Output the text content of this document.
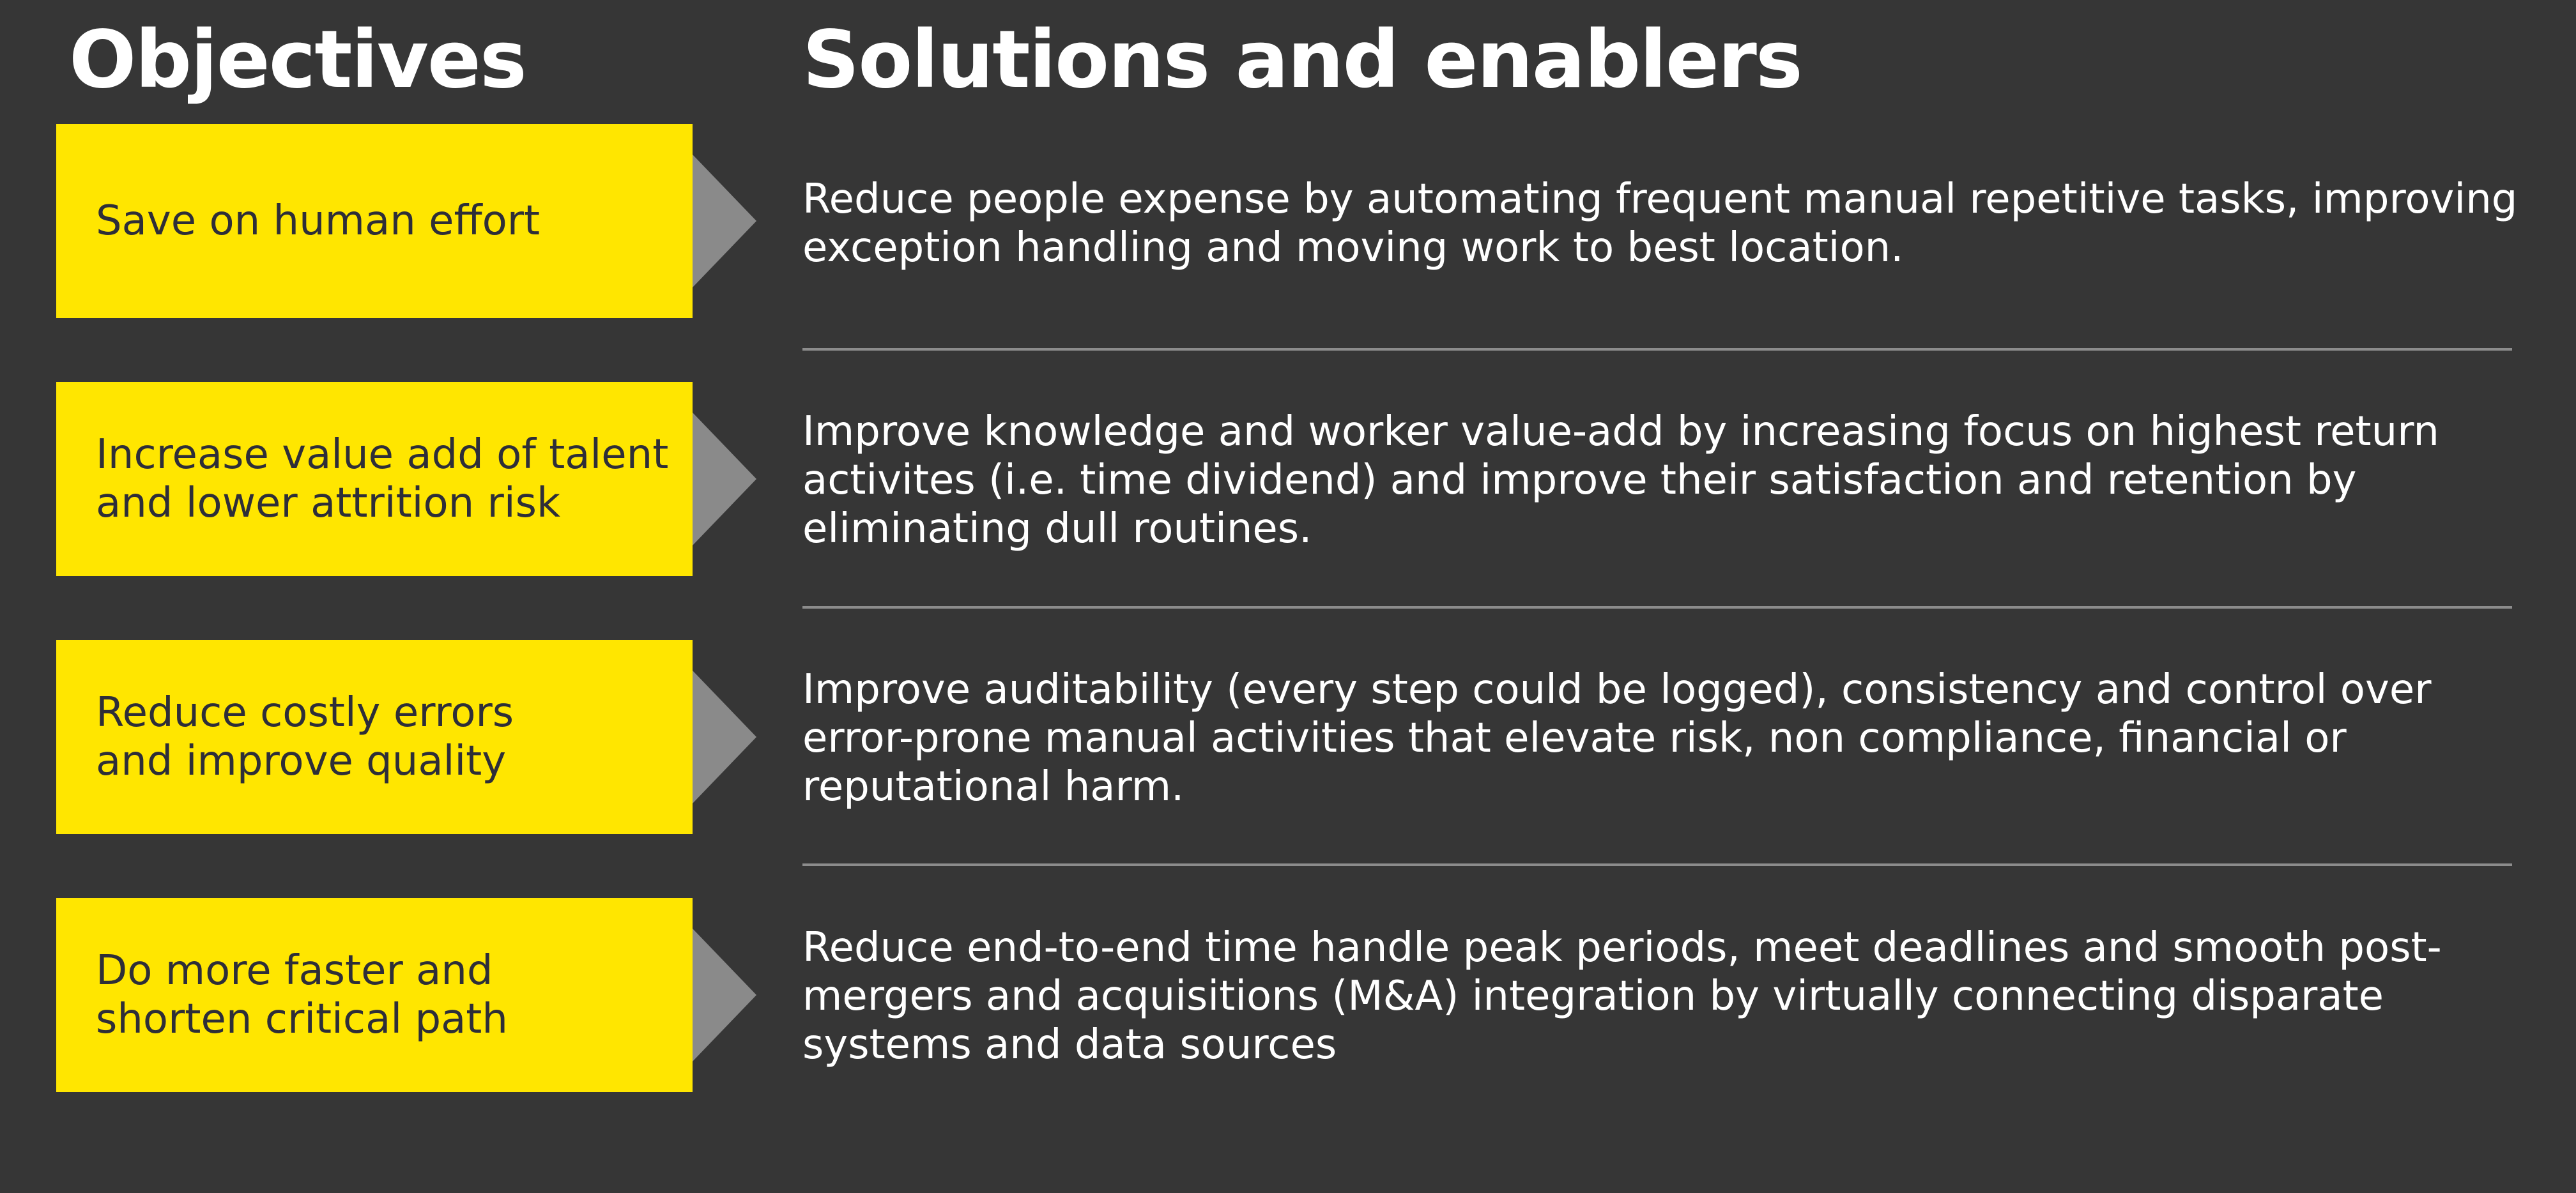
Objectives	Solutions and enablers
Save on human effort	Reduce people expense by automating frequent manual repetitive tasks, improving exception handling and moving work to best location.

Increase value add of talent
and lower attrition risk

Improve knowledge and worker value-add by increasing focus on highest return activites (i.e. time dividend) and improve their satisfaction and retention by eliminating dull routines.

Reduce costly errors
and improve quality

Improve auditability (every step could be logged), consistency and control over error-prone manual activities that elevate risk, non compliance, financial or reputational harm.

Do more faster and
shorten critical path

Reduce end-to-end time handle peak periods, meet deadlines and smooth post-mergers and acquisitions (M&A) integration by virtually connecting disparate systems and data sources
